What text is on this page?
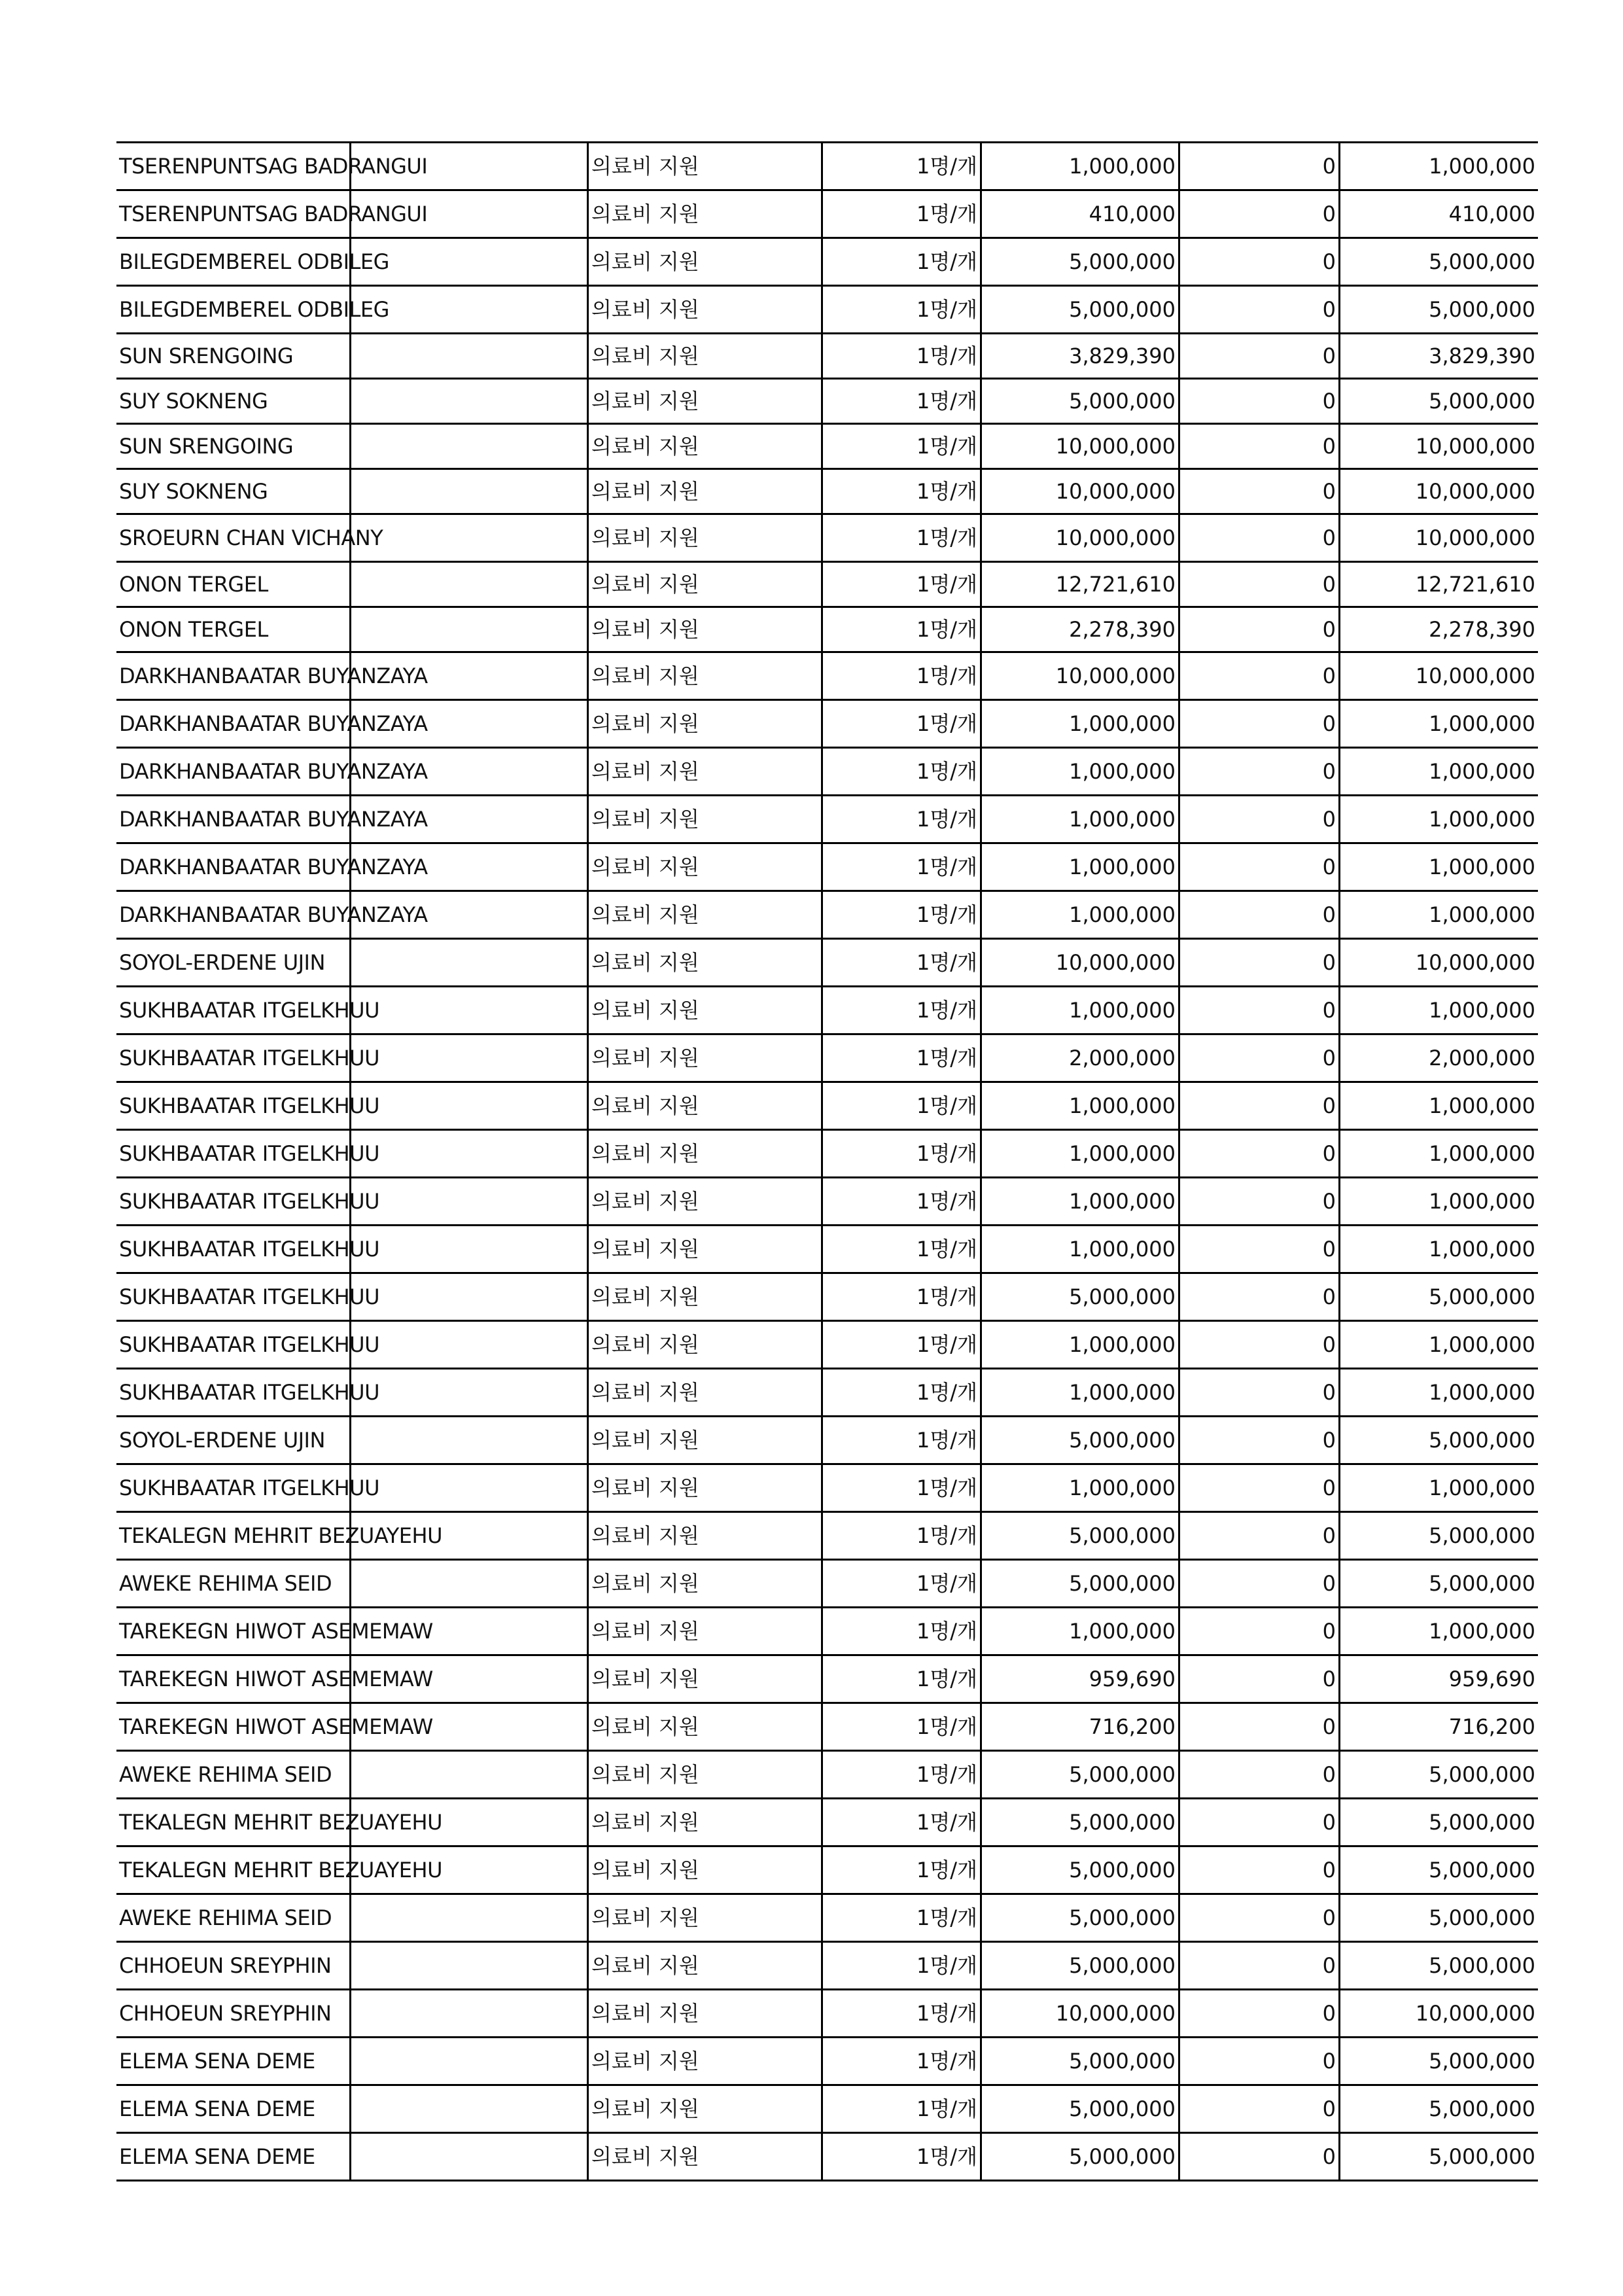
TSERENPUNTSAG BADRANGUI		의료비 지원	1명/개	1,000,000	0	1,000,000
TSERENPUNTSAG BADRANGUI		의료비 지원	1명/개	410,000	0	410,000
BILEGDEMBEREL ODBILEG		의료비 지원	1명/개	5,000,000	0	5,000,000
BILEGDEMBEREL ODBILEG		의료비 지원	1명/개	5,000,000	0	5,000,000
SUN SRENGOING		의료비 지원	1명/개	3,829,390	0	3,829,390
SUY SOKNENG		의료비 지원	1명/개	5,000,000	0	5,000,000
SUN SRENGOING		의료비 지원	1명/개	10,000,000	0	10,000,000
SUY SOKNENG		의료비 지원	1명/개	10,000,000	0	10,000,000
SROEURN CHAN VICHANY		의료비 지원	1명/개	10,000,000	0	10,000,000
ONON TERGEL		의료비 지원	1명/개	12,721,610	0	12,721,610
ONON TERGEL		의료비 지원	1명/개	2,278,390	0	2,278,390
DARKHANBAATAR BUYANZAYA		의료비 지원	1명/개	10,000,000	0	10,000,000
DARKHANBAATAR BUYANZAYA		의료비 지원	1명/개	1,000,000	0	1,000,000
DARKHANBAATAR BUYANZAYA		의료비 지원	1명/개	1,000,000	0	1,000,000
DARKHANBAATAR BUYANZAYA		의료비 지원	1명/개	1,000,000	0	1,000,000
DARKHANBAATAR BUYANZAYA		의료비 지원	1명/개	1,000,000	0	1,000,000
DARKHANBAATAR BUYANZAYA		의료비 지원	1명/개	1,000,000	0	1,000,000
SOYOL-ERDENE UJIN		의료비 지원	1명/개	10,000,000	0	10,000,000
SUKHBAATAR ITGELKHUU		의료비 지원	1명/개	1,000,000	0	1,000,000
SUKHBAATAR ITGELKHUU		의료비 지원	1명/개	2,000,000	0	2,000,000
SUKHBAATAR ITGELKHUU		의료비 지원	1명/개	1,000,000	0	1,000,000
SUKHBAATAR ITGELKHUU		의료비 지원	1명/개	1,000,000	0	1,000,000
SUKHBAATAR ITGELKHUU		의료비 지원	1명/개	1,000,000	0	1,000,000
SUKHBAATAR ITGELKHUU		의료비 지원	1명/개	1,000,000	0	1,000,000
SUKHBAATAR ITGELKHUU		의료비 지원	1명/개	5,000,000	0	5,000,000
SUKHBAATAR ITGELKHUU		의료비 지원	1명/개	1,000,000	0	1,000,000
SUKHBAATAR ITGELKHUU		의료비 지원	1명/개	1,000,000	0	1,000,000
SOYOL-ERDENE UJIN		의료비 지원	1명/개	5,000,000	0	5,000,000
SUKHBAATAR ITGELKHUU		의료비 지원	1명/개	1,000,000	0	1,000,000
TEKALEGN MEHRIT BEZUAYEHU		의료비 지원	1명/개	5,000,000	0	5,000,000
AWEKE REHIMA SEID		의료비 지원	1명/개	5,000,000	0	5,000,000
TAREKEGN HIWOT ASEMEMAW		의료비 지원	1명/개	1,000,000	0	1,000,000
TAREKEGN HIWOT ASEMEMAW		의료비 지원	1명/개	959,690	0	959,690
TAREKEGN HIWOT ASEMEMAW		의료비 지원	1명/개	716,200	0	716,200
AWEKE REHIMA SEID		의료비 지원	1명/개	5,000,000	0	5,000,000
TEKALEGN MEHRIT BEZUAYEHU		의료비 지원	1명/개	5,000,000	0	5,000,000
TEKALEGN MEHRIT BEZUAYEHU		의료비 지원	1명/개	5,000,000	0	5,000,000
AWEKE REHIMA SEID		의료비 지원	1명/개	5,000,000	0	5,000,000
CHHOEUN SREYPHIN		의료비 지원	1명/개	5,000,000	0	5,000,000
CHHOEUN SREYPHIN		의료비 지원	1명/개	10,000,000	0	10,000,000
ELEMA SENA DEME		의료비 지원	1명/개	5,000,000	0	5,000,000
ELEMA SENA DEME		의료비 지원	1명/개	5,000,000	0	5,000,000
ELEMA SENA DEME		의료비 지원	1명/개	5,000,000	0	5,000,000
